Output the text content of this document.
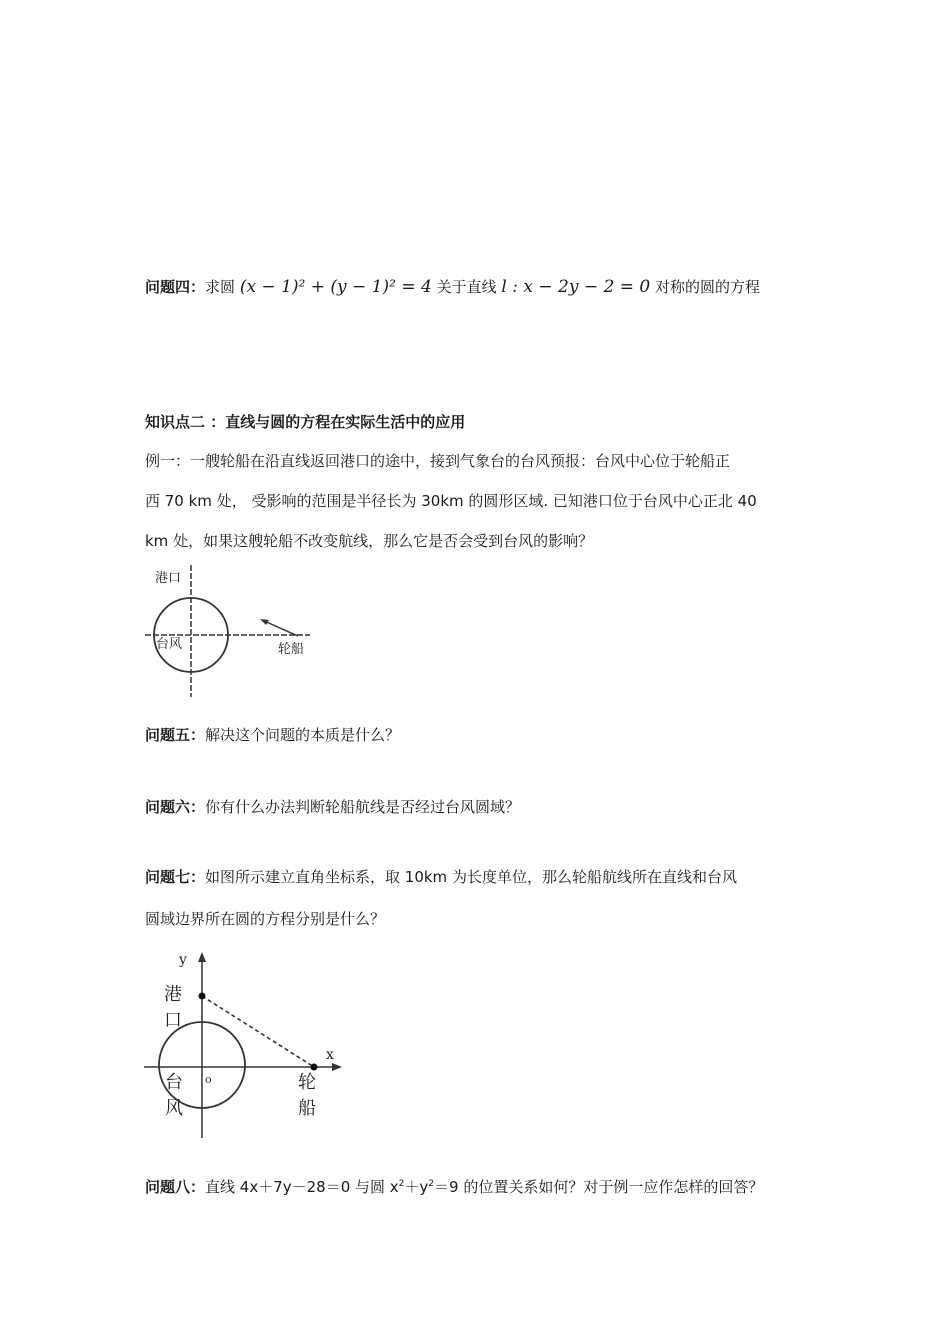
问题四：求圆 (x − 1)² + (y − 1)² = 4 关于直线 l : x − 2y − 2 = 0 对称的圆的方程
知识点二 ：直线与圆的方程在实际生活中的应用
例一：一艘轮船在沿直线返回港口的途中，接到气象台的台风预报：台风中心位于轮船正
西 70 km 处， 受影响的范围是半径长为 30km 的圆形区域. 已知港口位于台风中心正北 40
km 处，如果这艘轮船不改变航线，那么它是否会受到台风的影响？
港口
台风	轮船
问题五：解决这个问题的本质是什么？
问题六：你有什么办法判断轮船航线是否经过台风圆域？
问题七：如图所示建立直角坐标系，取 10km 为长度单位，那么轮船航线所在直线和台风
圆域边界所在圆的方程分别是什么？
y
x
o
港
口
台
风
轮
船
问题八：直线 4x＋7y－28＝0 与圆 $x^2+y^2=9$ 的位置关系如何？对于例一应作怎样的回答？
